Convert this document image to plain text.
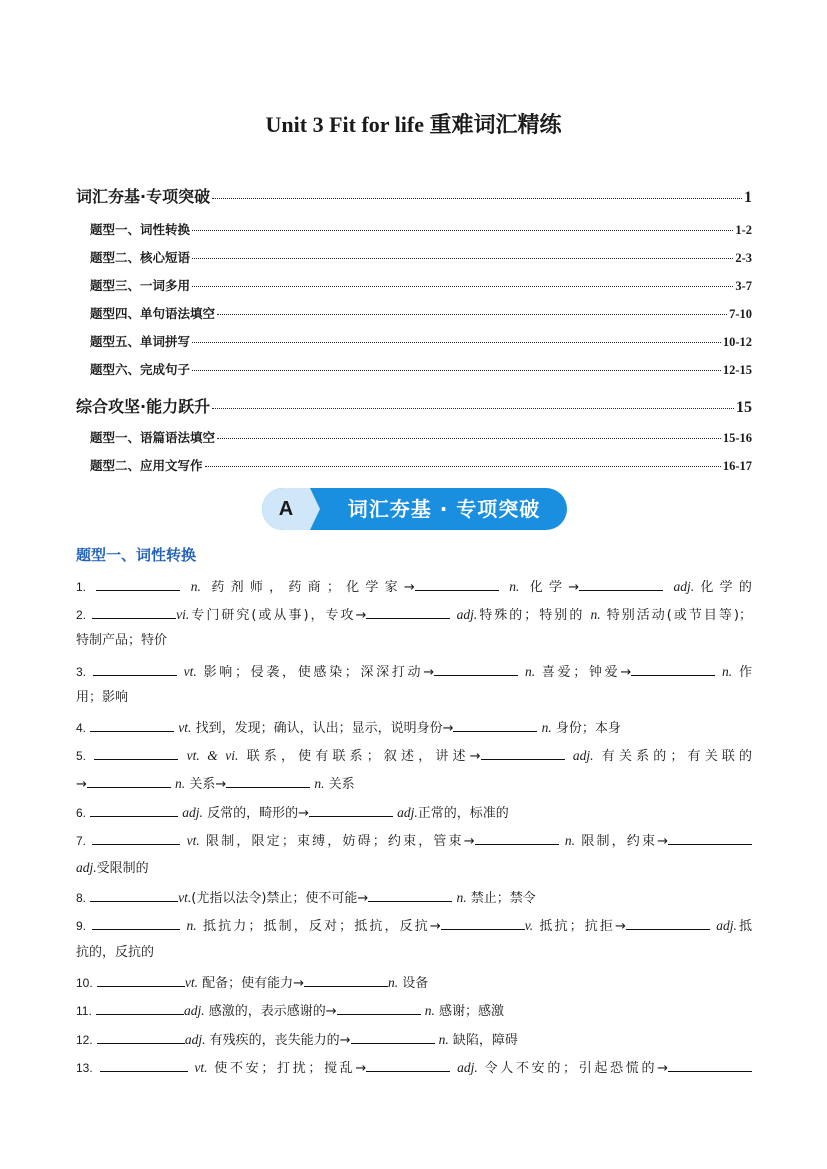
Unit 3 Fit for life 重难词汇精练
词汇夯基·专项突破	1
题型一、词性转换	1-2
题型二、核心短语	2-3
题型三、一词多用	3-7
题型四、单句语法填空	7-10
题型五、单词拼写	10-12
题型六、完成句子	12-15
综合攻坚·能力跃升	15
题型一、语篇语法填空	15-16
题型二、应用文写作	16-17
A	词汇夯基 · 专项突破
题型一、词性转换
1.	n. 药剂师，药商；化学家→	n. 化学→	adj.化学的
2.	vi.专门研究(或从事)，专攻→	adj.特殊的；特别的 n. 特别活动(或节目等)；
特制产品；特价
3.	vt. 影响；侵袭，使感染；深深打动→	n. 喜爱；钟爱→	n. 作
用；影响
4.	vt. 找到，发现；确认，认出；显示，说明身份→	n. 身份；本身
5.	vt. & vi. 联系，使有联系；叙述，讲述→	adj. 有关系的；有关联的
→	n. 关系→	n. 关系
6.	adj. 反常的，畸形的→	adj.正常的，标准的
7.	vt. 限制，限定；束缚，妨碍；约束，管束→	n. 限制，约束→
adj.受限制的
8.	vt.(尤指以法令)禁止；使不可能→	n. 禁止；禁令
9.	n. 抵抗力；抵制，反对；抵抗，反抗→	v. 抵抗；抗拒→	adj.抵
抗的，反抗的
10.	vt. 配备；使有能力→	n. 设备
11.	adj. 感激的，表示感谢的→	n. 感谢；感激
12.	adj. 有残疾的，丧失能力的→	n. 缺陷，障碍
13.	vt. 使不安；打扰；搅乱→	adj. 令人不安的；引起恐慌的→
